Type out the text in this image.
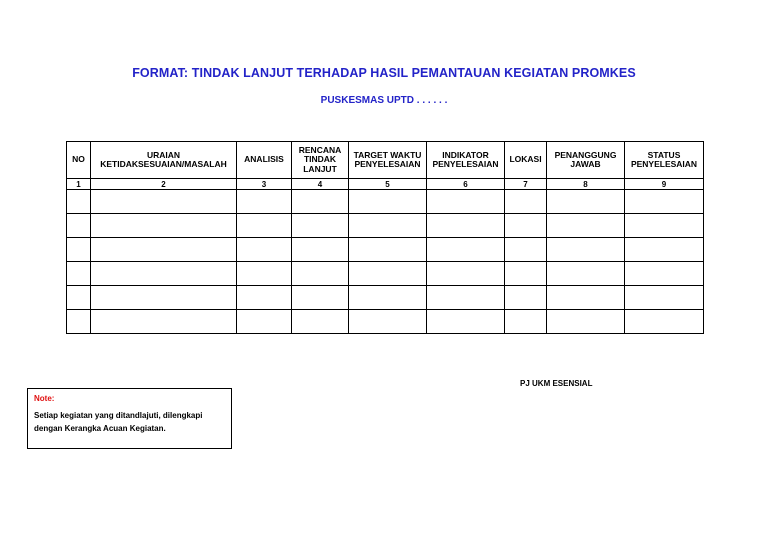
FORMAT: TINDAK LANJUT TERHADAP HASIL PEMANTAUAN KEGIATAN PROMKES
PUSKESMAS UPTD . . . . . .
NO	URAIAN KETIDAKSESUAIAN/MASALAH	ANALISIS	RENCANA TINDAK LANJUT	TARGET WAKTU PENYELESAIAN	INDIKATOR PENYELESAIAN	LOKASI	PENANGGUNG JAWAB	STATUS PENYELESAIAN
1	2	3	4	5	6	7	8	9

PJ UKM ESENSIAL
Note:
Setiap kegiatan yang ditandlajuti, dilengkapi dengan Kerangka Acuan Kegiatan.
